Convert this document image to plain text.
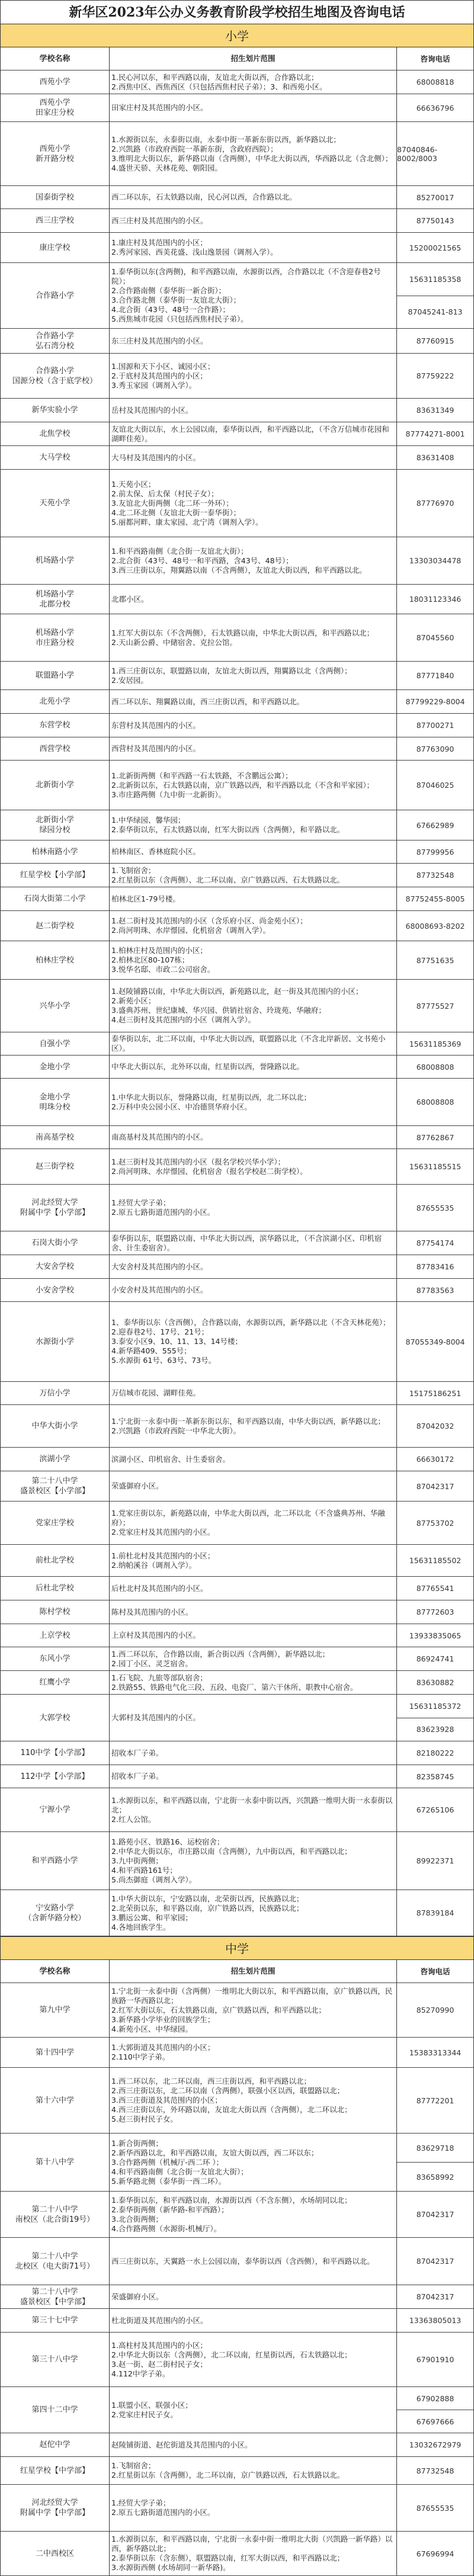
新华区2023年公办义务教育阶段学校招生地图及咨询电话
小学
学校名称	招生划片范围	咨询电话
西苑小学
1.民心河以东，和平西路以南，友谊北大街以西，合作路以北；
2.西焦中区、西焦西区（只包括西焦村民子弟）；3、和西苑小区。	68008818
西苑小学
田家庄分校
田家庄村及其范围内的小区。	66636796
西苑小学
新开路分校
1.水源街以东，永泰街以南，永泰中街一革新东街以西，新华路以北；
2.兴凯路（市政府西院一革新东街，含政府西院）；
3.维明北大街以东，新华路以南（含两侧），中华北大街以西，华西路以北（含北侧）；
4.盛世天骄、天林花苑、朝阳园。
87040846-8002/8003
国泰街学校	西二环以东，石太铁路以南，民心河以西，合作路以北。	85270017
西三庄学校	西三庄村及其范围内的小区。	87750143
康庄学校
1.康庄村及其范围内的小区；
2.秀河家园、西美花盛、浅山逸景园（调剂入学）。	15200021565
合作路小学
1.泰华街以东(含两侧)，和平西路以南，水源街以西，合作路以北（不含迎春巷2号院）；
2.合作路南侧（泰华街一新合街）；
3.合作路北侧（泰华街一友谊北大街）；
4.北合街（43号、48号一合作路）；
5.西焦城市花园（只包括西焦村民子弟）。
15631185358
87045241-813
合作路小学
弘石湾分校
东三庄村及其范围内的小区。	87760915
合作路小学
国源分校（含于底学校）
1.国源和天下小区、诚园小区；
2.于底村及其范围内的小区；
3.秀玉家园（调剂入学）。
87759222
新华实验小学	岳村及其范围内的小区。	83631349
北焦学校
友谊北大街以东，水上公园以南，泰华街以西，和平西路以北，（不含万信城市花园和湖畔佳苑）。	87774271-8001
大马学校	大马村及其范围内的小区。	83631408
天苑小学
1.天苑小区；
2.前太保、后太保（村民子女）；
3.友谊北大街两侧（北二环一外环）；
4.北二环北侧（友谊北大街一泰华街）；
5.丽都河畔、康太家园、北宁湾（调剂入学）。
87776970
机场路小学
1.和平西路南侧（北合街一友谊北大街）；
2.北合街（43号、48号一和平西路，含43号、48号）；
3.西三庄街以东，翔翼路以南（不含两侧），友谊北大街以西，和平西路以北。
13303034478
机场路小学
北郡分校
北郡小区。	18031123346
机场路小学
市庄路分校
1.红军大街以东（不含两侧），石太铁路以南，中华北大街以西，和平西路以北；
2.天山新公爵、中储宿舍、克拉公馆。	87045560
联盟路小学
1.西三庄街以东，联盟路以南，友谊北大街以西，翔翼路以北（含两侧）；
2.安居园。	87771840
北苑小学	西二环以东、翔翼路以南，西三庄街以西，和平西路以北。	87799229-8004
东营学校	东营村及其范围内的小区。	87700271
西营学校	西营村及其范围内的小区。	87763090
北新街小学
1.北新街两侧（和平西路一石太铁路，不含鹏远公寓）；
2.北新街以东，石太铁路以南，京广铁路以西，和平西路以北（不含和平家园）；
3.市庄路两侧（九中街一北新街）。
87046025
北新街小学
绿园分校
1.中华绿园、馨华园；
2.泰华街以东，石太铁路以南，红军大街以西（含两侧），和平路以北。	67662989
柏林南路小学	柏林南区、香林庭院小区。	87799956
红星学校【小学部】
1.飞制宿舍；
2.红星街以东（含两侧）、北二环以南、京广铁路以西、石太铁路以北。	87732548
石岗大街第二小学	柏林北区1-79号楼。	87752455-8005
赵二街学校
1.赵二街村及其范围内的小区（含乐府小区、尚金苑小区）；
2.尚河明珠、水岸憬园、化机宿舍（调剂入学）。	68008693-8202
柏林庄学校
1.柏林庄村及范围内的小区；
2.柏林北区80-107栋；
3.悦华名邸、市政二公司宿舍。
87751635
兴华小学
1.赵陵铺路以南，中华北大街以西，新苑路以北，赵一街及其范围内的小区；
2.新苑小区；
3.盛典苏州、世纪康城、华兴园、供销社宿舍、玲珑苑、华融府；
4.赵三街村及其范围内的小区（调剂入学）。
87775527
自强小学
泰华街以东，北二环以南，中华北大街以西，联盟路以北（不含北岸新居、文书苑小区）。	15631185369
金地小学	中华北大街以东，北外环以南，红星街以西，誉隆路以北。	68008808
金地小学
明珠分校
1.中华北大街以东，誉隆路以南，红星街以西，北二环以北；
2.万科中央公园小区、中冶德贤华府小区。	68008808
南高基学校	南高基村及其范围内的小区。	87762867
赵三街学校
1.赵三街村及其范围内的小区（报名学校兴华小学）；
2.尚河明珠、水岸憬园、化机宿舍（报名学校赵二街学校）。	15631185515
河北经贸大学
附属中学【小学部】
1.经贸大学子弟；
2.原五七路街道范围内的小区。	87655535
石岗大街小学
泰华街以东，联盟路以南、中华北大街以西，滨华路以北，（不含滨湖小区、印机宿舍、计生委宿舍）。	87754174
大安舍学校	大安舍村及其范围内的小区。	87783416
小安舍学校	小安舍村及其范围内的小区。	87783563
水源街小学
1、泰华街以东（含西侧），合作路以南，水源街以西，新华路以北（不含天林花苑）；
2.迎春巷2号、17号、21号；
3.泰安小区9、10、11、13、14号楼；
4.新华路409、555号；
5.水源街 61号、63号、73号。
87055349-8004
万信小学	万信城市花园、湖畔佳苑。	15175186251
中华大街小学
1.宁北街一永泰中街一革新东街以东，和平西路以南，中华大街以西，新华路以北；
2.兴凯路（市政府西院一中华北大街）。	87042032
滨湖小学	滨湖小区、印机宿舍、计生委宿舍。	66630172
第二十八中学
盛景校区【小学部】
荣盛御府小区。	87042317
党家庄学校
1.党家庄街以东，新苑路以南，中华北大街以西，北二环以北（不含盛典苏州、华融府）；
2.党家庄村及其范围内的小区。
87753702
前杜北学校
1.前杜北村及其范围内的小区；
2.纳帕溪谷（调剂入学）。	15631185502
后杜北学校	后杜北村及其范围内的小区。	87765541
陈村学校	陈村及其范围内的小区。	87772603
上京学校	上京村及其范围内的小区。	13933835065
东风小学
1.西二环以东，合作路以南，新合街以西（含两侧），新华路以北；
2.园丁小区、灵芝宿舍。	86924741
红鹰小学
1.石飞院、九旅等部队宿舍；
2.铁路55、铁路电气化三段、五段、电瓷厂、第六干休所、职教中心宿舍。	83630882
大郭学校	大郭村及其范围内的小区。
15631185372
83623928
110中学【小学部】	招收本厂子弟。	82180222
112中学【小学部】	招收本厂子弟。	82358745
宁源小学
1.水源街以东，和平西路以南，宁北街一永泰中街以西，兴凯路一维明大街一永泰街以北；
2.红人公馆。
67265106
和平西路小学
1.路苑小区、铁路16、运校宿舍；
2.中华北大街以东，市庄路以南（含两侧），九中街以西，和平西路以北；
3.九中街两侧；
4.和平西路161号；
5.尚杰御庭（调剂入学）。
89922371
宁安路小学
（含新华路分校）
1.中华大街以东，宁安路以南，北荣街以西，民族路以北；
2.北荣街以东，和平路以南，京广铁路以西，民族路以北；
3.鹏远公寓、和平家园；
4.各地回族学生。
87839184
中学
学校名称	招生划片范围	咨询电话
第九中学
1.宁北街一永泰中街（含两侧）一维明北大街以东，和平西路以南，京广铁路以西，民族路一华西路以北；
2.红军大街以东，石太铁路以南，京广铁路以西，和平西路以北；
3.新华路小学毕业的回族学生；
4.新苑小区、中华绿园。
85270990
第十四中学
1.大郭街道及其范围内的小区；
2.110中学子弟。	15383313344
第十六中学
1.西二环以东，北二环以南，西三庄街以西，和平西路以北；
2.西三庄街以东，北二环以南（含两侧），联强小区以西，联盟路以北；
3.西三庄街道及其范围内的小区；
4.西三庄街以东，外环路以南，友谊北大街以西（含两侧），北二环以北；
5.赵三街村民子女。
87772201
第十八中学
1.新合街两侧；
2.新华西路以北，和平西路以南，友谊大街以西，西二环以东；
3.合作路两侧（机械厅-西二环 ）；
4.和平西路南侧（北合街一友谊北大街）；
5.新华路北侧（泰华街一西二环）。
83629718
83658992
第二十八中学
南校区（北合街19号）
1.泰华街以东，和平西路以南，水源街以西（不含东侧），水场胡同以北；
2.泰华街两侧（新华路-和平西路）；
3.北合街两侧；
4.合作路两侧（水源街-机械厅）。
87042317
第二十八中学
北校区（电大街71号）
西三庄街以东，天翼路一水上公园以南，泰华街以西（含西侧），和平西路以北。	87042317
第二十八中学
盛景校区【中学部】
荣盛御府小区。	87042317
第三十七中学	杜北街道及其范围内的小区。	13363805013
第三十八中学
1.高柱村及其范围内的小区；
2.中华北大街以东（含两侧），北二环以南，红星街以西，石太铁路以北；
3.赵一街、赵二街村民子女；
4.112中学子弟。
67901910
第四十二中学
1.联盟小区、联强小区；
2.党家庄村民子女。
67902888
67697666
赵佗中学	赵陵铺街道、赵佗街道及其范围内的小区。	13032672979
红星学校【中学部】
1.飞制宿舍；
2.红星街以东（含两侧），北二环以南，京广铁路以西，石太铁路以北。	87732548
河北经贸大学
附属中学【中学部】
1.经贸大学子弟；
2.原五七路街道范围内的小区。	87655535
二中西校区
1.水源街以东，和平西路以南，宁北街一永泰中街一维明北大街（兴凯路一新华路）以西，新华路以北；
2.泰华街以东（含东侧），联盟路以南，红军大街以西，和平西路以北；
3.水源街西侧 (水场胡同一新华路)。
67696994
